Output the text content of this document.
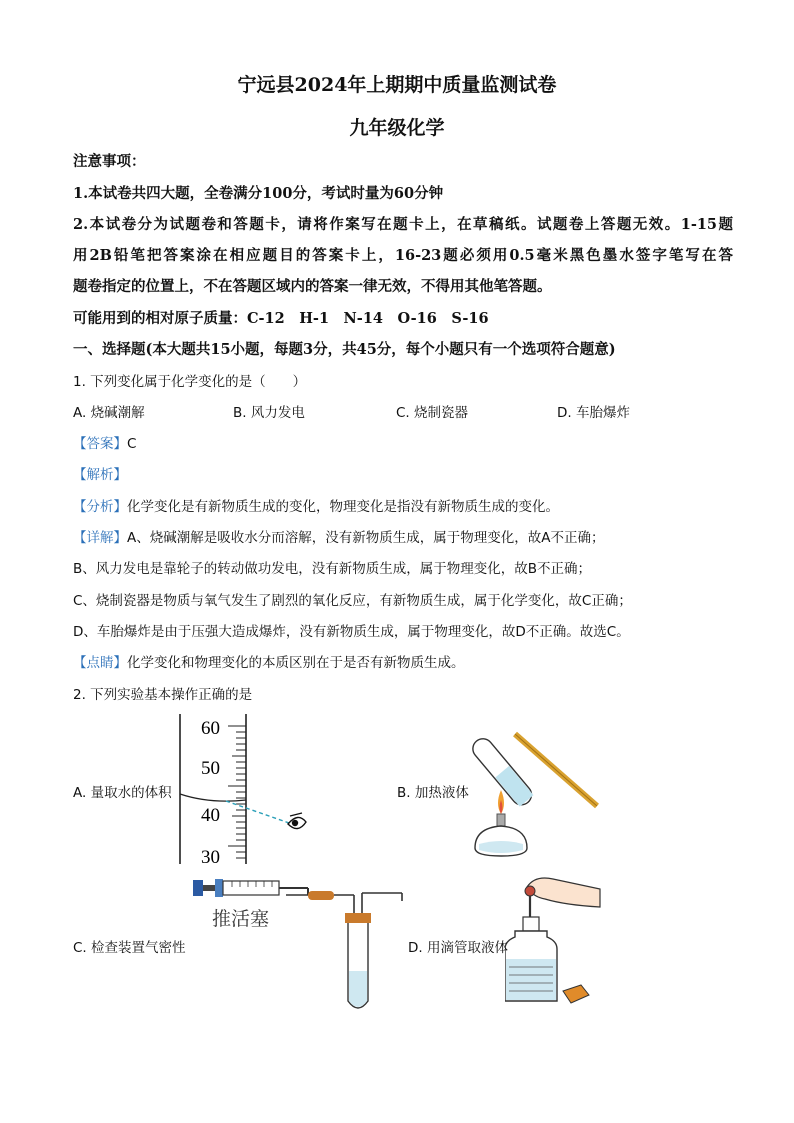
宁远县2024年上期期中质量监测试卷
九年级化学
注意事项：
1.本试卷共四大题，全卷满分100分，考试时量为60分钟
2.本试卷分为试题卷和答题卡，请将作案写在题卡上，在草稿纸。试题卷上答题无效。1-15题
用2B铅笔把答案涂在相应题目的答案卡上，16-23题必须用0.5毫米黑色墨水签字笔写在答
题卷指定的位置上，不在答题区域内的答案一律无效，不得用其他笔答题。
可能用到的相对原子质量：C-12　H-1　N-14　O-16　S-16
一、选择题(本大题共15小题，每题3分，共45分，每个小题只有一个选项符合题意)
1. 下列变化属于化学变化的是（　　）
A. 烧碱潮解	B. 风力发电	C. 烧制瓷器	D. 车胎爆炸
【答案】C
【解析】
【分析】化学变化是有新物质生成的变化，物理变化是指没有新物质生成的变化。
【详解】A、烧碱潮解是吸收水分而溶解，没有新物质生成，属于物理变化，故A不正确；
B、风力发电是靠轮子的转动做功发电，没有新物质生成，属于物理变化，故B不正确；
C、烧制瓷器是物质与氧气发生了剧烈的氧化反应，有新物质生成，属于化学变化，故C正确；
D、车胎爆炸是由于压强大造成爆炸，没有新物质生成，属于物理变化，故D不正确。故选C。
【点睛】化学变化和物理变化的本质区别在于是否有新物质生成。
2. 下列实验基本操作正确的是
60
50
40
30
A. 量取水的体积	B. 加热液体
推活塞
C. 检查装置气密性	D. 用滴管取液体
